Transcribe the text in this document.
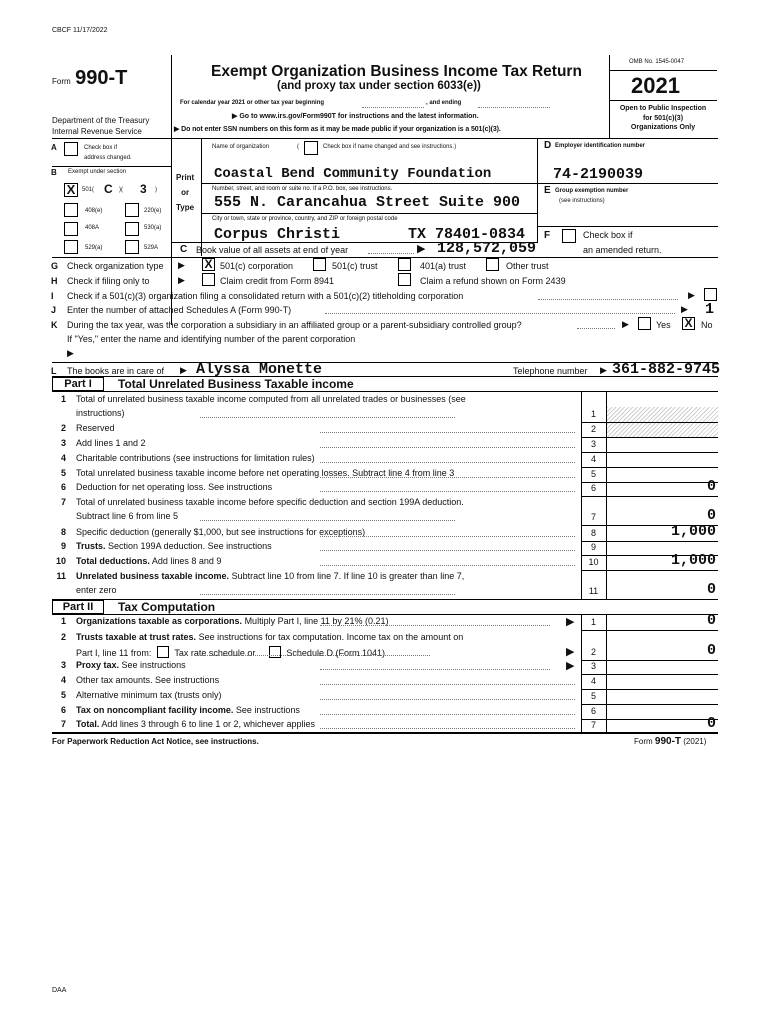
CBCF 11/17/2022
Form 990-T
Department of the Treasury
Internal Revenue Service
Exempt Organization Business Income Tax Return
(and proxy tax under section 6033(e))
For calendar year 2021 or other tax year beginning	, and ending
▶ Go to www.irs.gov/Form990T for instructions and the latest information.
▶ Do not enter SSN numbers on this form as it may be made public if your organization is a 501(c)(3).
OMB No. 1545-0047
2021
Open to Public Inspection
for 501(c)(3)
Organizations Only
A	Check box if
address changed.
B Exempt under section
X	501( C )( 3 )
408(e)	220(e)
408A	530(a)
529(a)	529A
Print
or
Type
Name of organization	(	Check box if name changed and see instructions.)
Coastal Bend Community Foundation
Number, street, and room or suite no. If a P.O. box, see instructions.
555 N. Carancahua Street Suite 900
City or town, state or province, country, and ZIP or foreign postal code
Corpus Christi	TX 78401-0834
D Employer identification number
74-2190039
E Group exemption number
(see instructions)
F	Check box if
an amended return.
C Book value of all assets at end of year	▶ 128,572,059
G Check organization type ▶ X 501(c) corporation	501(c) trust	401(a) trust	Other trust
H Check if filing only to	▶	Claim credit from Form 8941	Claim a refund shown on Form 2439
I Check if a 501(c)(3) organization filing a consolidated return with a 501(c)(2) titleholding corporation	▶
J Enter the number of attached Schedules A (Form 990-T)	▶ 1
K During the tax year, was the corporation a subsidiary in an affiliated group or a parent-subsidiary controlled group?	▶	Yes X No
If "Yes," enter the name and identifying number of the parent corporation
▶
L The books are in care of ▶ Alyssa Monette	Telephone number ▶ 361-882-9745
Part I	Total Unrelated Business Taxable income
1 Total of unrelated business taxable income computed from all unrelated trades or businesses (see
instructions)	1
2 Reserved	2
3 Add lines 1 and 2	3
4 Charitable contributions (see instructions for limitation rules)	4
5 Total unrelated business taxable income before net operating losses. Subtract line 4 from line 3	5
6 Deduction for net operating loss. See instructions	6	0
7 Total of unrelated business taxable income before specific deduction and section 199A deduction.
Subtract line 6 from line 5	7	0
8 Specific deduction (generally $1,000, but see instructions for exceptions)	8	1,000
9 Trusts. Section 199A deduction. See instructions	9
10 Total deductions. Add lines 8 and 9	10	1,000
11 Unrelated business taxable income. Subtract line 10 from line 7. If line 10 is greater than line 7,
enter zero	11	0
Part II	Tax Computation
1 Organizations taxable as corporations. Multiply Part I, line 11 by 21% (0.21)	▶	1	0
2 Trusts taxable at trust rates. See instructions for tax computation. Income tax on the amount on
Part I, line 11 from:	Tax rate schedule or	Schedule D (Form 1041)	▶	2	0
3 Proxy tax. See instructions	▶	3
4 Other tax amounts. See instructions	4
5 Alternative minimum tax (trusts only)	5
6 Tax on noncompliant facility income. See instructions	6
7 Total. Add lines 3 through 6 to line 1 or 2, whichever applies	7	0
For Paperwork Reduction Act Notice, see instructions.	Form 990-T (2021)
DAA
